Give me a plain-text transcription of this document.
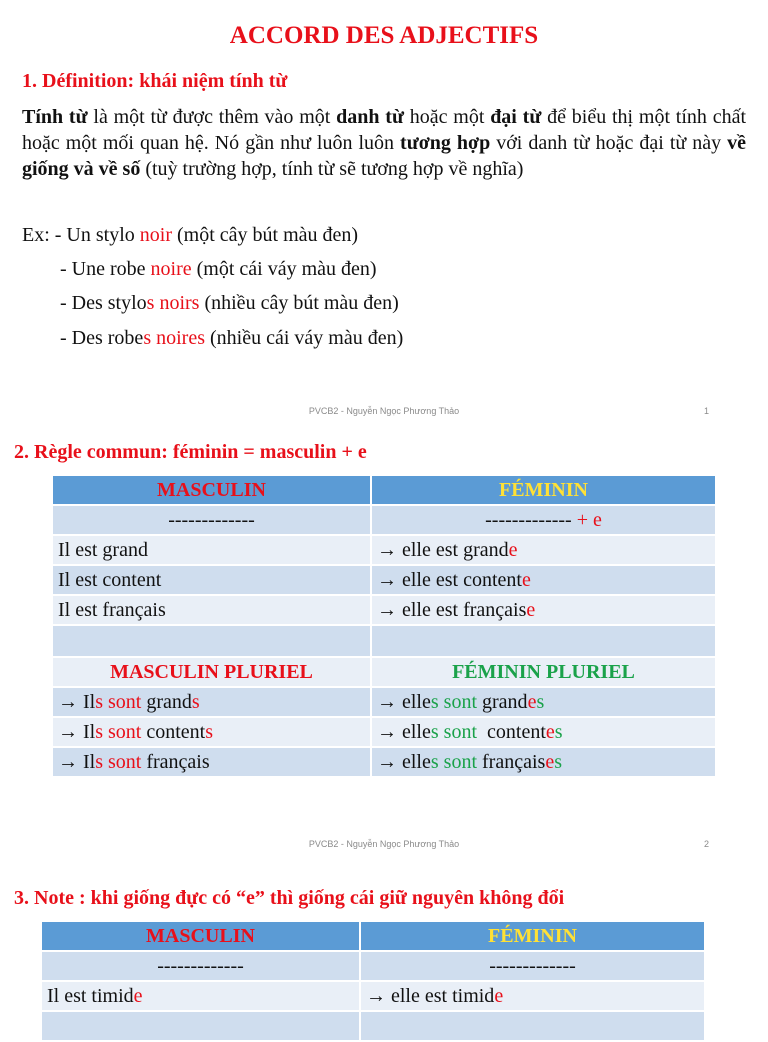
ACCORD DES ADJECTIFS
1. Définition: khái niệm tính từ
Tính từ là một từ được thêm vào một danh từ hoặc một đại từ để biểu thị một tính chất hoặc một mối quan hệ. Nó gần như luôn luôn tương hợp với danh từ hoặc đại từ này về giống và về số (tuỳ trường hợp, tính từ sẽ tương hợp về nghĩa)
Ex: - Un stylo noir (một cây bút màu đen)
- Une robe noire (một cái váy màu đen)
- Des stylos noirs (nhiều cây bút màu đen)
- Des robes noires (nhiều cái váy màu đen)
PVCB2 - Nguyễn Ngọc Phương Thảo	1
2. Règle commun: féminin = masculin + e
MASCULIN	FÉMININ
-------------	------------- + e
Il est grand	→ elle est grande
Il est content	→ elle est contente
Il est français	→ elle est française

MASCULIN PLURIEL	FÉMININ PLURIEL
→ Ils sont grands	→ elles sont grandes
→ Ils sont contents	→ elles sont  contentes
→ Ils sont français	→ elles sont françaises
PVCB2 - Nguyễn Ngọc Phương Thảo	2
3. Note : khi giống đực có “e” thì giống cái giữ nguyên không đổi
MASCULIN	FÉMININ
-------------	-------------
Il est timide	→ elle est timide
